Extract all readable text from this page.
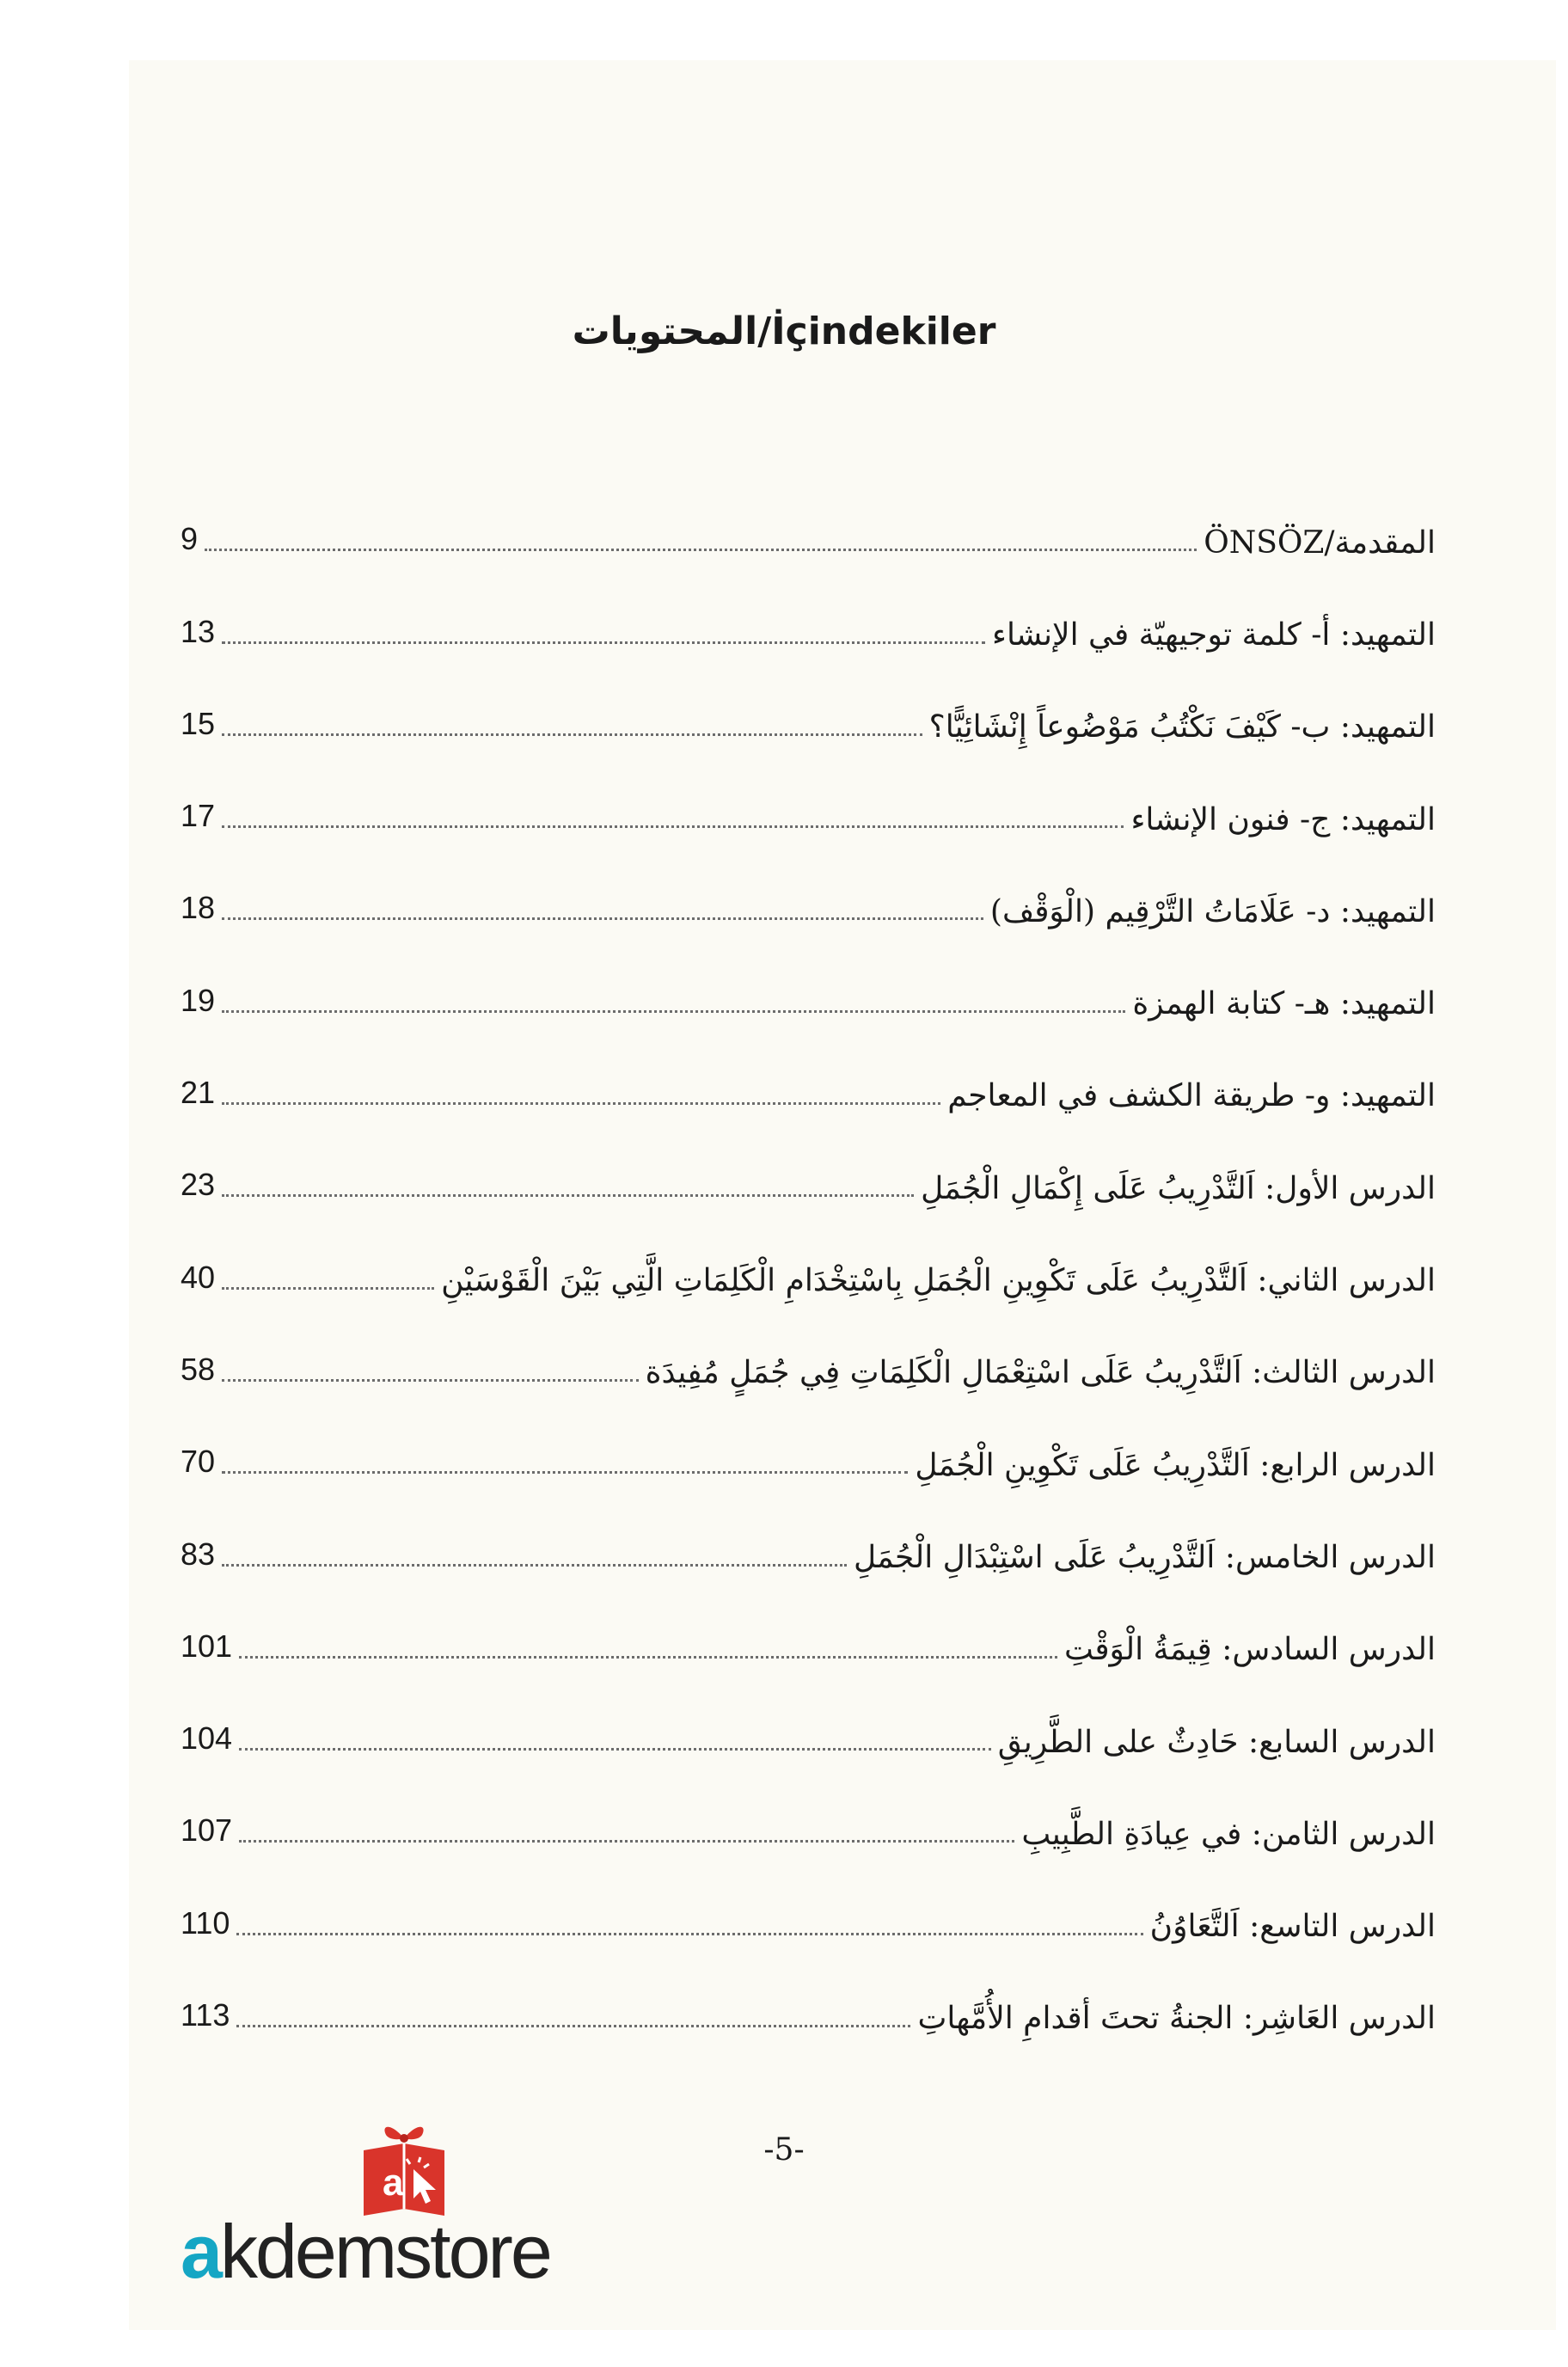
المحتويات/İçindekiler
9	المقدمة/ÖNSÖZ
13	التمهيد: أ- كلمة توجيهيّة في الإنشاء
15	التمهيد: ب- كَيْفَ نَكْتُبُ مَوْضُوعاً إِنْشَائِيًّا؟
17	التمهيد: ج- فنون الإنشاء
18	التمهيد: د- عَلَامَاتُ التَّرْقِيم (الْوَقْف)
19	التمهيد: هـ- كتابة الهمزة
21	التمهيد: و- طريقة الكشف في المعاجم
23	الدرس الأول: اَلتَّدْرِيبُ عَلَى إِكْمَالِ الْجُمَلِ
40	الدرس الثاني: اَلتَّدْرِيبُ عَلَى تَكْوِينِ الْجُمَلِ بِاسْتِخْدَامِ الْكَلِمَاتِ الَّتِي بَيْنَ الْقَوْسَيْنِ
58	الدرس الثالث: اَلتَّدْرِيبُ عَلَى اسْتِعْمَالِ الْكَلِمَاتِ فِي جُمَلٍ مُفِيدَة
70	الدرس الرابع: اَلتَّدْرِيبُ عَلَى تَكْوِينِ الْجُمَلِ
83	الدرس الخامس: اَلتَّدْرِيبُ عَلَى اسْتِبْدَالِ الْجُمَلِ
101	الدرس السادس: قِيمَةُ الْوَقْتِ
104	الدرس السابع: حَادِثٌ على الطَّرِيقِ
107	الدرس الثامن: في عِيادَةِ الطَّبِيبِ
110	الدرس التاسع: اَلتَّعَاوُنُ
113	الدرس العَاشِر: الجنةُ تحتَ أقدامِ الأُمَّهاتِ
-5-
a
akdemstore
